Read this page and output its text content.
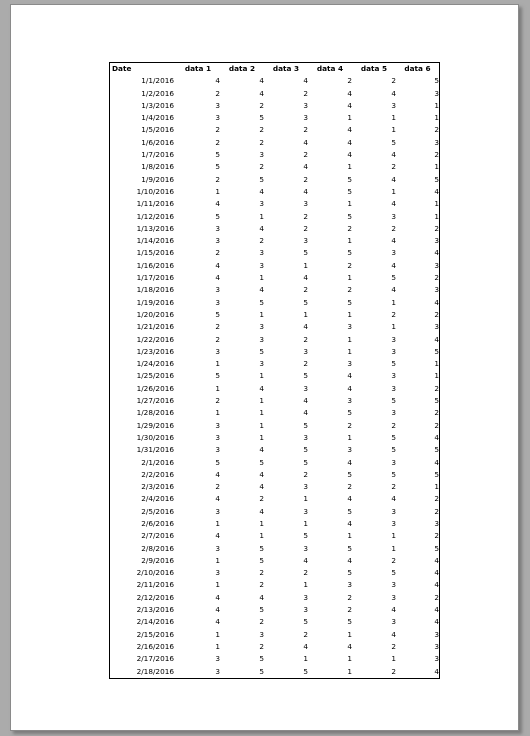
Date	data 1	data 2	data 3	data 4	data 5	data 6
1/1/2016	4	4	4	2	2	5
1/2/2016	2	4	2	4	4	3
1/3/2016	3	2	3	4	3	1
1/4/2016	3	5	3	1	1	1
1/5/2016	2	2	2	4	1	2
1/6/2016	2	2	4	4	5	3
1/7/2016	5	3	2	4	4	2
1/8/2016	5	2	4	1	2	1
1/9/2016	2	5	2	5	4	5
1/10/2016	1	4	4	5	1	4
1/11/2016	4	3	3	1	4	1
1/12/2016	5	1	2	5	3	1
1/13/2016	3	4	2	2	2	2
1/14/2016	3	2	3	1	4	3
1/15/2016	2	3	5	5	3	4
1/16/2016	4	3	1	2	4	3
1/17/2016	4	1	4	1	5	2
1/18/2016	3	4	2	2	4	3
1/19/2016	3	5	5	5	1	4
1/20/2016	5	1	1	1	2	2
1/21/2016	2	3	4	3	1	3
1/22/2016	2	3	2	1	3	4
1/23/2016	3	5	3	1	3	5
1/24/2016	1	3	2	3	5	1
1/25/2016	5	1	5	4	3	1
1/26/2016	1	4	3	4	3	2
1/27/2016	2	1	4	3	5	5
1/28/2016	1	1	4	5	3	2
1/29/2016	3	1	5	2	2	2
1/30/2016	3	1	3	1	5	4
1/31/2016	3	4	5	3	5	5
2/1/2016	5	5	5	4	3	4
2/2/2016	4	4	2	5	5	5
2/3/2016	2	4	3	2	2	1
2/4/2016	4	2	1	4	4	2
2/5/2016	3	4	3	5	3	2
2/6/2016	1	1	1	4	3	3
2/7/2016	4	1	5	1	1	2
2/8/2016	3	5	3	5	1	5
2/9/2016	1	5	4	4	2	4
2/10/2016	3	2	2	5	5	4
2/11/2016	1	2	1	3	3	4
2/12/2016	4	4	3	2	3	2
2/13/2016	4	5	3	2	4	4
2/14/2016	4	2	5	5	3	4
2/15/2016	1	3	2	1	4	3
2/16/2016	1	2	4	4	2	3
2/17/2016	3	5	1	1	1	3
2/18/2016	3	5	5	1	2	4
